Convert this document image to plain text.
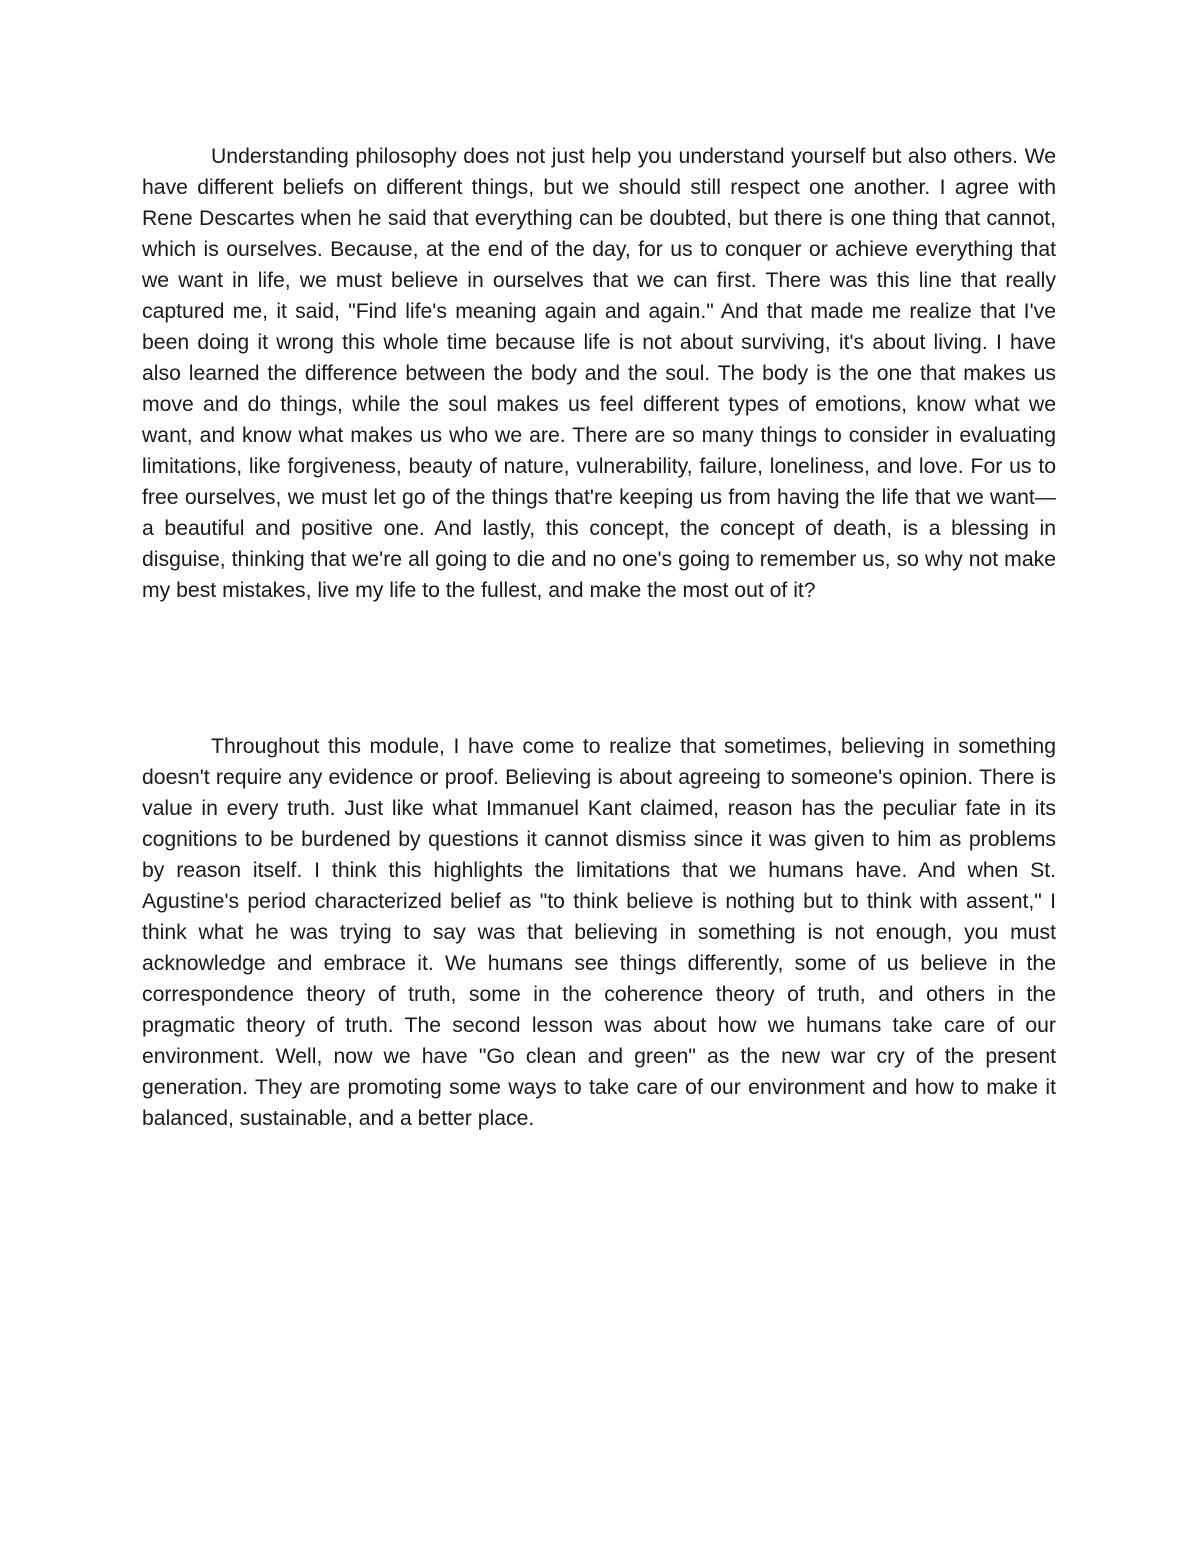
Understanding philosophy does not just help you understand yourself but also others. We have different beliefs on different things, but we should still respect one another. I agree with Rene Descartes when he said that everything can be doubted, but there is one thing that cannot, which is ourselves. Because, at the end of the day, for us to conquer or achieve everything that we want in life, we must believe in ourselves that we can first. There was this line that really captured me, it said, "Find life's meaning again and again." And that made me realize that I've been doing it wrong this whole time because life is not about surviving, it's about living. I have also learned the difference between the body and the soul. The body is the one that makes us move and do things, while the soul makes us feel different types of emotions, know what we want, and know what makes us who we are. There are so many things to consider in evaluating limitations, like forgiveness, beauty of nature, vulnerability, failure, loneliness, and love. For us to free ourselves, we must let go of the things that're keeping us from having the life that we want—a beautiful and positive one. And lastly, this concept, the concept of death, is a blessing in disguise, thinking that we're all going to die and no one's going to remember us, so why not make my best mistakes, live my life to the fullest, and make the most out of it?

Throughout this module, I have come to realize that sometimes, believing in something doesn't require any evidence or proof. Believing is about agreeing to someone's opinion. There is value in every truth. Just like what Immanuel Kant claimed, reason has the peculiar fate in its cognitions to be burdened by questions it cannot dismiss since it was given to him as problems by reason itself. I think this highlights the limitations that we humans have. And when St. Agustine's period characterized belief as "to think believe is nothing but to think with assent," I think what he was trying to say was that believing in something is not enough, you must acknowledge and embrace it. We humans see things differently, some of us believe in the correspondence theory of truth, some in the coherence theory of truth, and others in the pragmatic theory of truth. The second lesson was about how we humans take care of our environment. Well, now we have "Go clean and green" as the new war cry of the present generation. They are promoting some ways to take care of our environment and how to make it balanced, sustainable, and a better place.
